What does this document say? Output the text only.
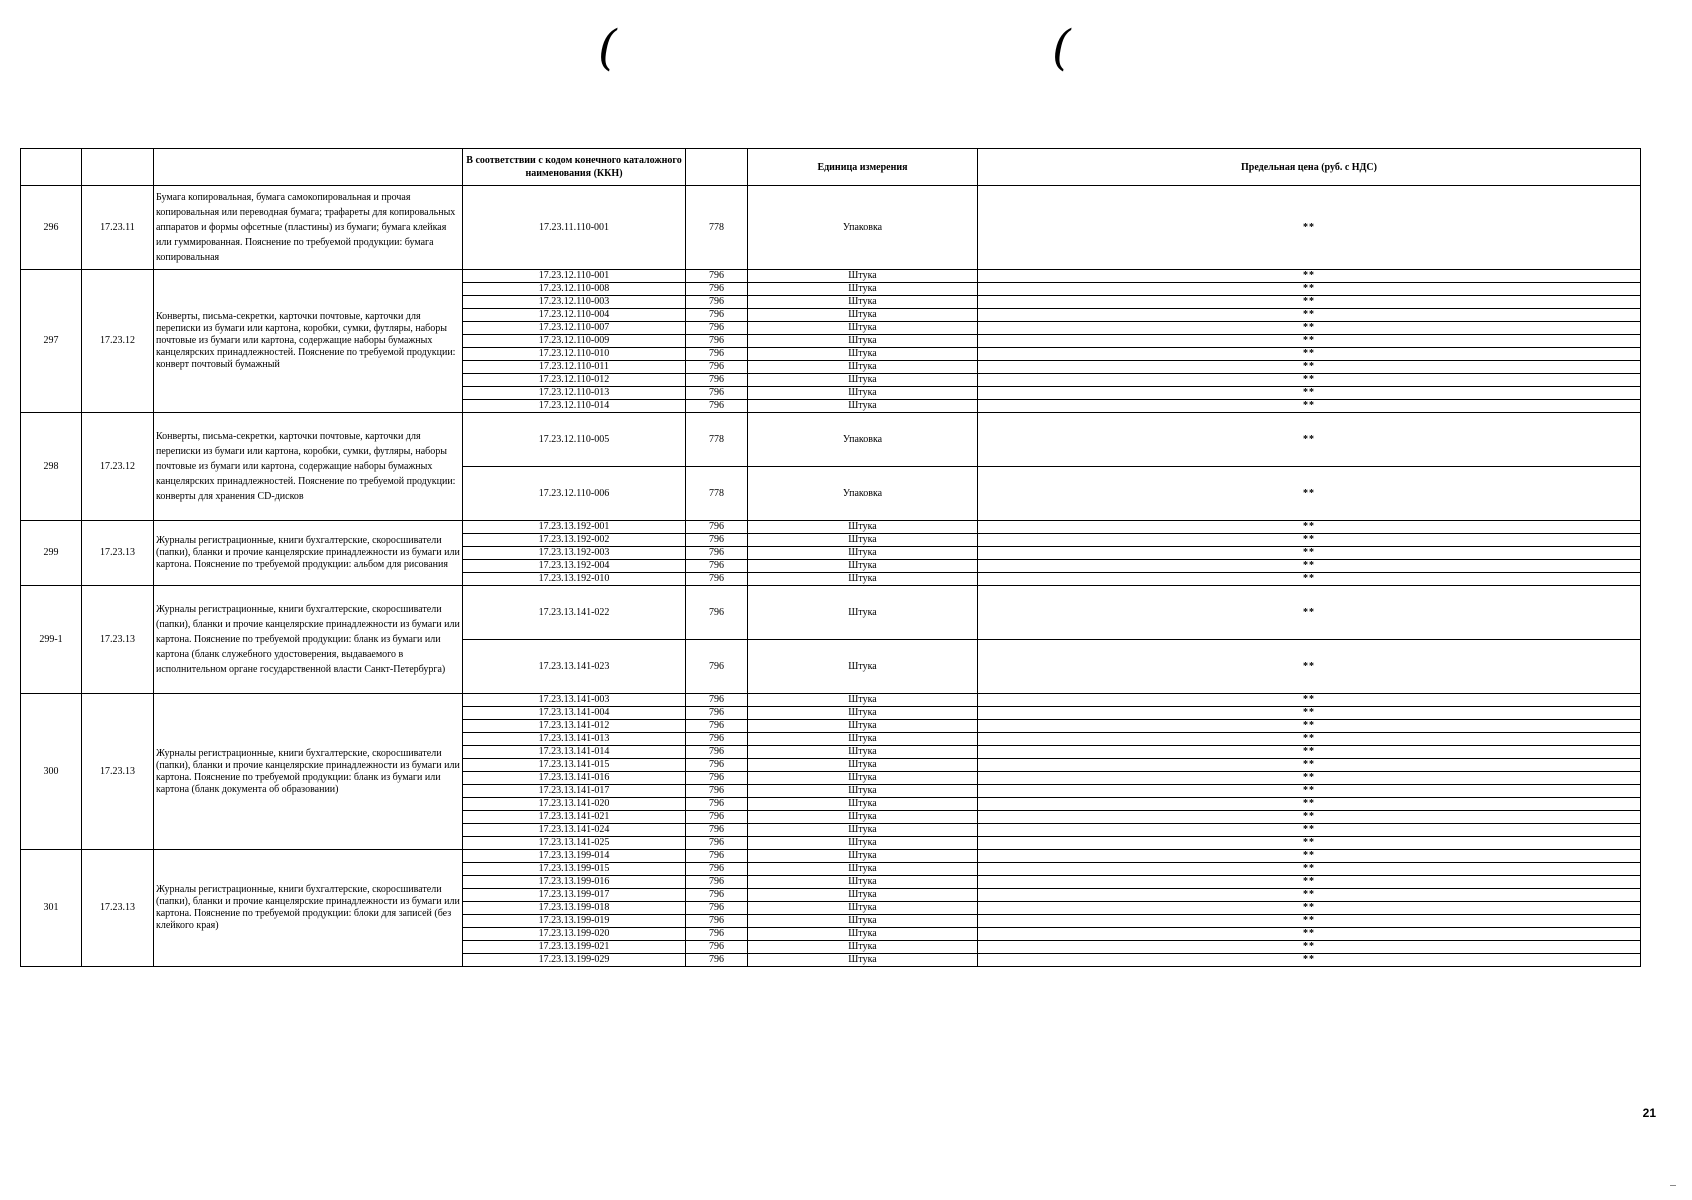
(	(
			В соответствии с кодом конечного каталожного наименования (ККН)		Единица измерения	Предельная цена (руб. с НДС)
296	17.23.11	Бумага копировальная, бумага самокопировальная и прочая копировальная или переводная бумага; трафареты для копировальных аппаратов и формы офсетные (пластины) из бумаги; бумага клейкая или гуммированная. Пояснение по требуемой продукции: бумага копировальная	17.23.11.110-001	778	Упаковка	**
297	17.23.12	Конверты, письма-секретки, карточки почтовые, карточки для переписки из бумаги или картона, коробки, сумки, футляры, наборы почтовые из бумаги или картона, содержащие наборы бумажных канцелярских принадлежностей. Пояснение по требуемой продукции: конверт почтовый бумажный	17.23.12.110-001	796	Штука	**
			17.23.12.110-008	796	Штука	**
			17.23.12.110-003	796	Штука	**
			17.23.12.110-004	796	Штука	**
			17.23.12.110-007	796	Штука	**
			17.23.12.110-009	796	Штука	**
			17.23.12.110-010	796	Штука	**
			17.23.12.110-011	796	Штука	**
			17.23.12.110-012	796	Штука	**
			17.23.12.110-013	796	Штука	**
			17.23.12.110-014	796	Штука	**
298	17.23.12	Конверты, письма-секретки, карточки почтовые, карточки для переписки из бумаги или картона, коробки, сумки, футляры, наборы почтовые из бумаги или картона, содержащие наборы бумажных канцелярских принадлежностей. Пояснение по требуемой продукции: конверты для хранения CD-дисков	17.23.12.110-005	778	Упаковка	**
			17.23.12.110-006	778	Упаковка	**
299	17.23.13	Журналы регистрационные, книги бухгалтерские, скоросшиватели (папки), бланки и прочие канцелярские принадлежности из бумаги или картона. Пояснение по требуемой продукции: альбом для рисования	17.23.13.192-001	796	Штука	**
			17.23.13.192-002	796	Штука	**
			17.23.13.192-003	796	Штука	**
			17.23.13.192-004	796	Штука	**
			17.23.13.192-010	796	Штука	**
299-1	17.23.13	Журналы регистрационные, книги бухгалтерские, скоросшиватели (папки), бланки и прочие канцелярские принадлежности из бумаги или картона. Пояснение по требуемой продукции: бланк из бумаги или картона (бланк служебного удостоверения, выдаваемого в исполнительном органе государственной власти Санкт-Петербурга)	17.23.13.141-022	796	Штука	**
			17.23.13.141-023	796	Штука	**
300	17.23.13	Журналы регистрационные, книги бухгалтерские, скоросшиватели (папки), бланки и прочие канцелярские принадлежности из бумаги или картона. Пояснение по требуемой продукции: бланк из бумаги или картона (бланк документа об образовании)	17.23.13.141-003	796	Штука	**
			17.23.13.141-004	796	Штука	**
			17.23.13.141-012	796	Штука	**
			17.23.13.141-013	796	Штука	**
			17.23.13.141-014	796	Штука	**
			17.23.13.141-015	796	Штука	**
			17.23.13.141-016	796	Штука	**
			17.23.13.141-017	796	Штука	**
			17.23.13.141-020	796	Штука	**
			17.23.13.141-021	796	Штука	**
			17.23.13.141-024	796	Штука	**
			17.23.13.141-025	796	Штука	**
301	17.23.13	Журналы регистрационные, книги бухгалтерские, скоросшиватели (папки), бланки и прочие канцелярские принадлежности из бумаги или картона. Пояснение по требуемой продукции: блоки для записей (без клейкого края)	17.23.13.199-014	796	Штука	**
			17.23.13.199-015	796	Штука	**
			17.23.13.199-016	796	Штука	**
			17.23.13.199-017	796	Штука	**
			17.23.13.199-018	796	Штука	**
			17.23.13.199-019	796	Штука	**
			17.23.13.199-020	796	Штука	**
			17.23.13.199-021	796	Штука	**
			17.23.13.199-029	796	Штука	**
21
